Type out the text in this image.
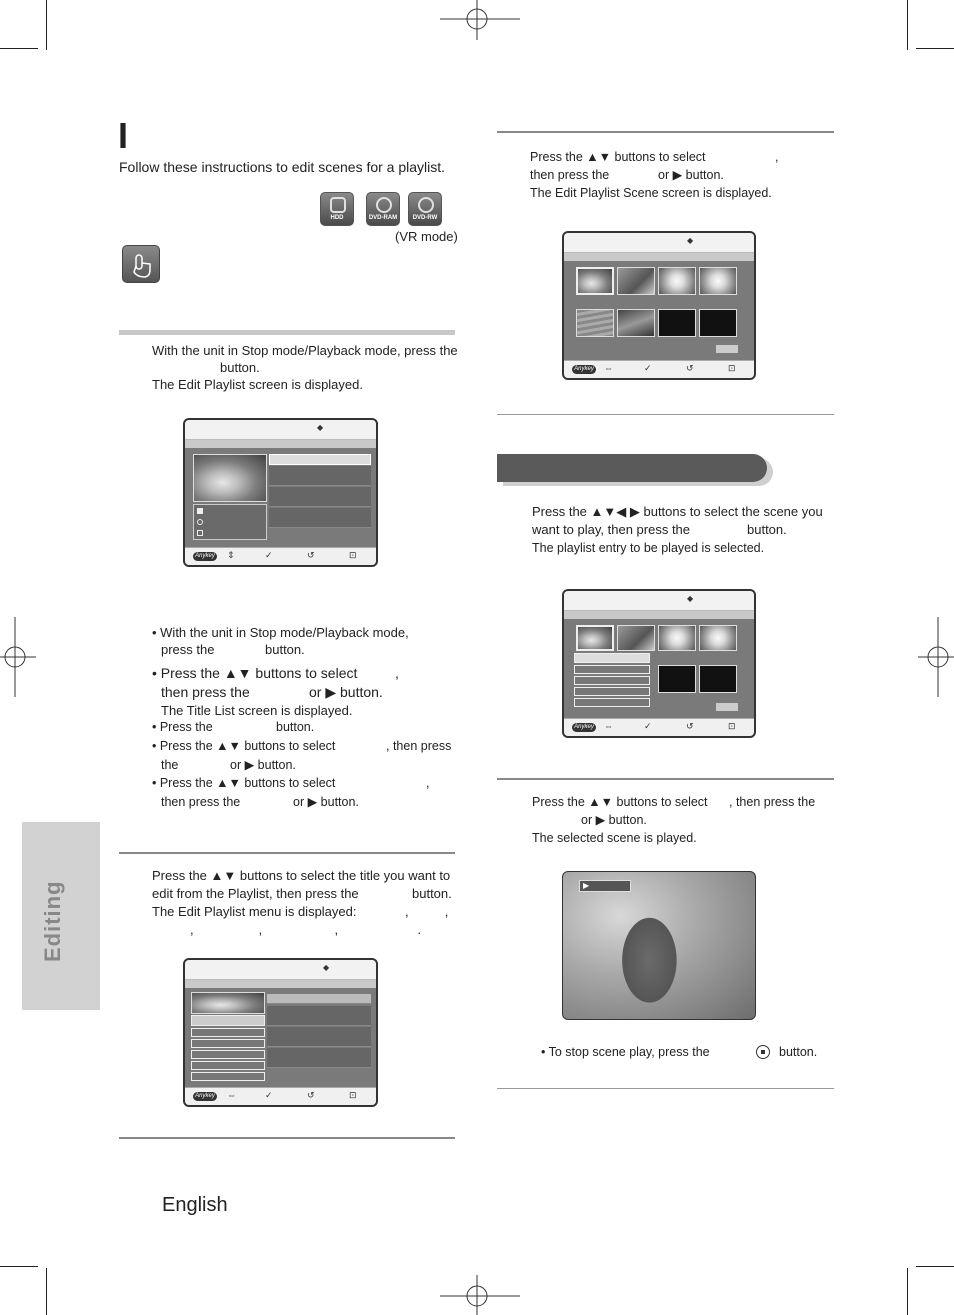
I
Follow these instructions to edit scenes for a playlist.
HDD	DVD-RAM	DVD-RW
(VR mode)
With the unit in Stop mode/Playback mode, press the
button.
The Edit Playlist screen is displayed.
◆
Anykey ⇕	✓	↺	⊡
• With the unit in Stop mode/Playback mode,
press the	button.
• Press the ▲▼ buttons to select	,
then press the	or ▶ button.
The Title List screen is displayed.
• Press the	button.
• Press the ▲▼ buttons to select	, then press
the	or ▶ button.
• Press the ▲▼ buttons to select	,
then press the	or ▶ button.
Press the ▲▼ buttons to select the title you want to
edit from the Playlist, then press the	button.
The Edit Playlist menu is displayed:	,          ,
,                  ,                    ,                      .
◆
Anykey ⇔	✓	↺	⊡
Editing
English
Press the ▲▼ buttons to select	,
then press the	or ▶ button.
The Edit Playlist Scene screen is displayed.
◆
Anykey ⇔	✓	↺	⊡
Press the ▲▼◀ ▶ buttons to select the scene you
want to play, then press the	button.
The playlist entry to be played is selected.
◆
Anykey ⇔	✓	↺	⊡
Press the ▲▼ buttons to select , then press the
or ▶ button.
The selected scene is played.
▶
• To stop scene play, press the	button.
